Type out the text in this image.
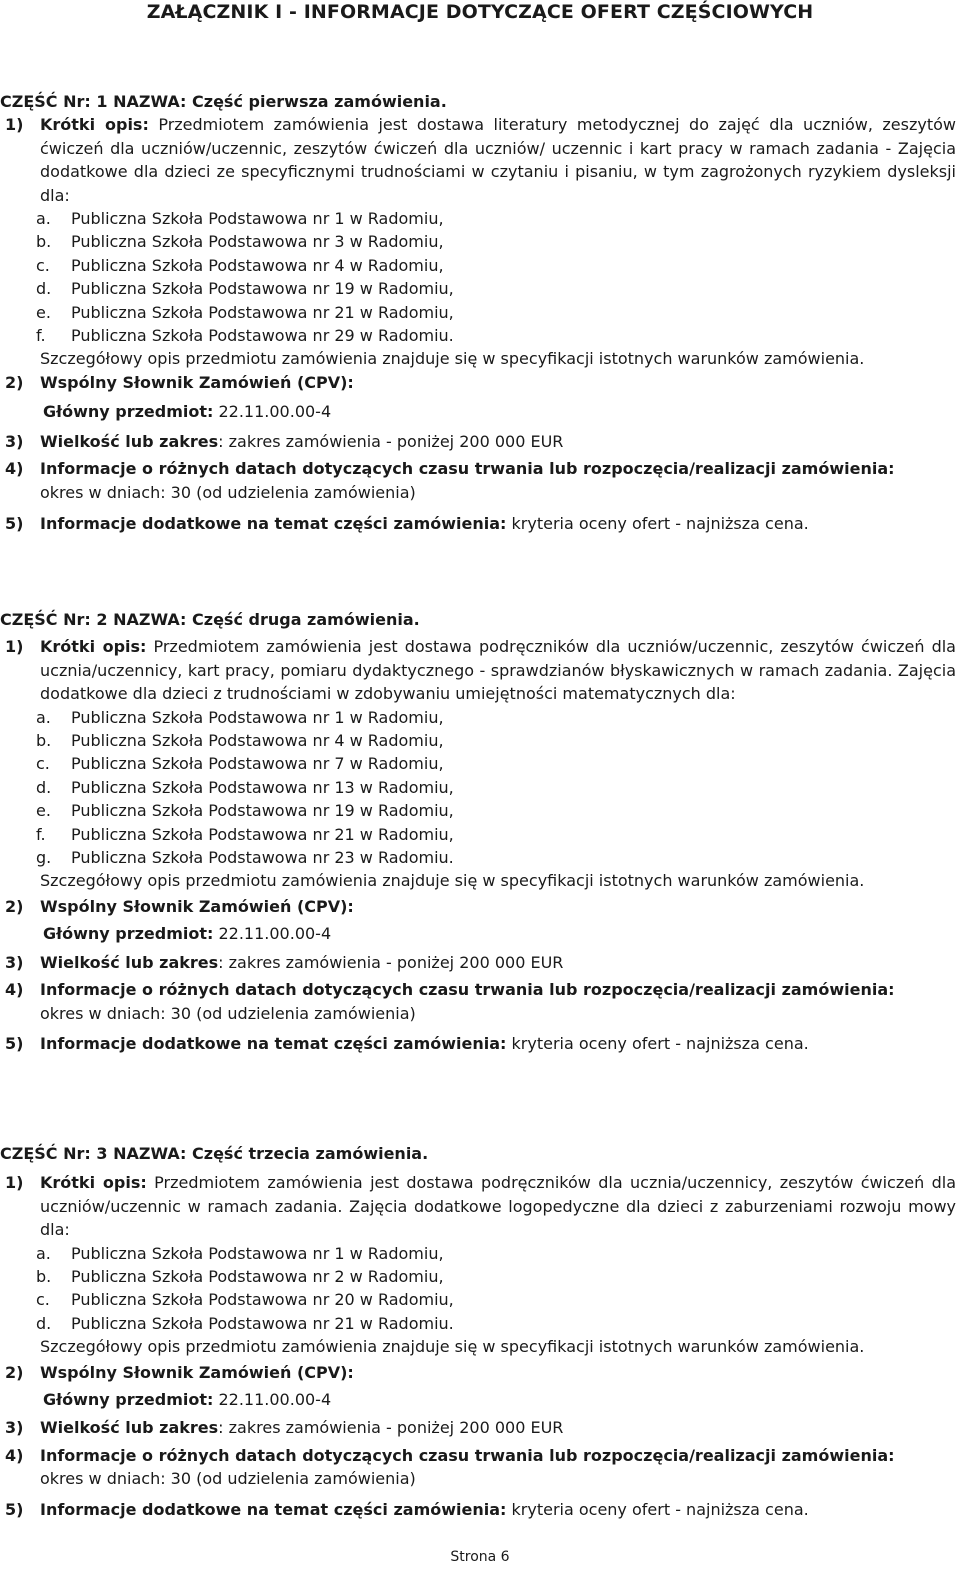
ZAŁĄCZNIK I - INFORMACJE DOTYCZĄCE OFERT CZĘŚCIOWYCH
CZĘŚĆ Nr: 1 NAZWA: Część pierwsza zamówienia.
1) Krótki opis: Przedmiotem zamówienia jest dostawa literatury metodycznej do zajęć dla uczniów, zeszytów ćwiczeń dla uczniów/uczennic, zeszytów ćwiczeń dla uczniów/ uczennic i kart pracy w ramach zadania - Zajęcia dodatkowe dla dzieci ze specyficznymi trudnościami w czytaniu i pisaniu, w tym zagrożonych ryzykiem dysleksji dla:
a.	Publiczna Szkoła Podstawowa nr 1 w Radomiu,
b.	Publiczna Szkoła Podstawowa nr 3 w Radomiu,
c.	Publiczna Szkoła Podstawowa nr 4 w Radomiu,
d.	Publiczna Szkoła Podstawowa nr 19 w Radomiu,
e.	Publiczna Szkoła Podstawowa nr 21 w Radomiu,
f.	Publiczna Szkoła Podstawowa nr 29 w Radomiu.
Szczegółowy opis przedmiotu zamówienia znajduje się w specyfikacji istotnych warunków zamówienia.
2) Wspólny Słownik Zamówień (CPV):
Główny przedmiot: 22.11.00.00-4
3) Wielkość lub zakres: zakres zamówienia - poniżej 200 000 EUR
4) Informacje o różnych datach dotyczących czasu trwania lub rozpoczęcia/realizacji zamówienia:
okres w dniach: 30 (od udzielenia zamówienia)
5) Informacje dodatkowe na temat części zamówienia: kryteria oceny ofert - najniższa cena.
CZĘŚĆ Nr: 2 NAZWA: Część druga zamówienia.
1) Krótki opis: Przedmiotem zamówienia jest dostawa podręczników dla uczniów/uczennic, zeszytów ćwiczeń dla ucznia/uczennicy, kart pracy, pomiaru dydaktycznego - sprawdzianów błyskawicznych w ramach zadania. Zajęcia dodatkowe dla dzieci z trudnościami w zdobywaniu umiejętności matematycznych dla:
a.	Publiczna Szkoła Podstawowa nr 1 w Radomiu,
b.	Publiczna Szkoła Podstawowa nr 4 w Radomiu,
c.	Publiczna Szkoła Podstawowa nr 7 w Radomiu,
d.	Publiczna Szkoła Podstawowa nr 13 w Radomiu,
e.	Publiczna Szkoła Podstawowa nr 19 w Radomiu,
f.	Publiczna Szkoła Podstawowa nr 21 w Radomiu,
g.	Publiczna Szkoła Podstawowa nr 23 w Radomiu.
Szczegółowy opis przedmiotu zamówienia znajduje się w specyfikacji istotnych warunków zamówienia.
2) Wspólny Słownik Zamówień (CPV):
Główny przedmiot: 22.11.00.00-4
3) Wielkość lub zakres: zakres zamówienia - poniżej 200 000 EUR
4) Informacje o różnych datach dotyczących czasu trwania lub rozpoczęcia/realizacji zamówienia:
okres w dniach: 30 (od udzielenia zamówienia)
5) Informacje dodatkowe na temat części zamówienia: kryteria oceny ofert - najniższa cena.
CZĘŚĆ Nr: 3 NAZWA: Część trzecia zamówienia.
1) Krótki opis: Przedmiotem zamówienia jest dostawa podręczników dla ucznia/uczennicy, zeszytów ćwiczeń dla uczniów/uczennic w ramach zadania. Zajęcia dodatkowe logopedyczne dla dzieci z zaburzeniami rozwoju mowy dla:
a.	Publiczna Szkoła Podstawowa nr 1 w Radomiu,
b.	Publiczna Szkoła Podstawowa nr 2 w Radomiu,
c.	Publiczna Szkoła Podstawowa nr 20 w Radomiu,
d.	Publiczna Szkoła Podstawowa nr 21 w Radomiu.
Szczegółowy opis przedmiotu zamówienia znajduje się w specyfikacji istotnych warunków zamówienia.
2) Wspólny Słownik Zamówień (CPV):
Główny przedmiot: 22.11.00.00-4
3) Wielkość lub zakres: zakres zamówienia - poniżej 200 000 EUR
4) Informacje o różnych datach dotyczących czasu trwania lub rozpoczęcia/realizacji zamówienia:
okres w dniach: 30 (od udzielenia zamówienia)
5) Informacje dodatkowe na temat części zamówienia: kryteria oceny ofert - najniższa cena.
Strona 6
